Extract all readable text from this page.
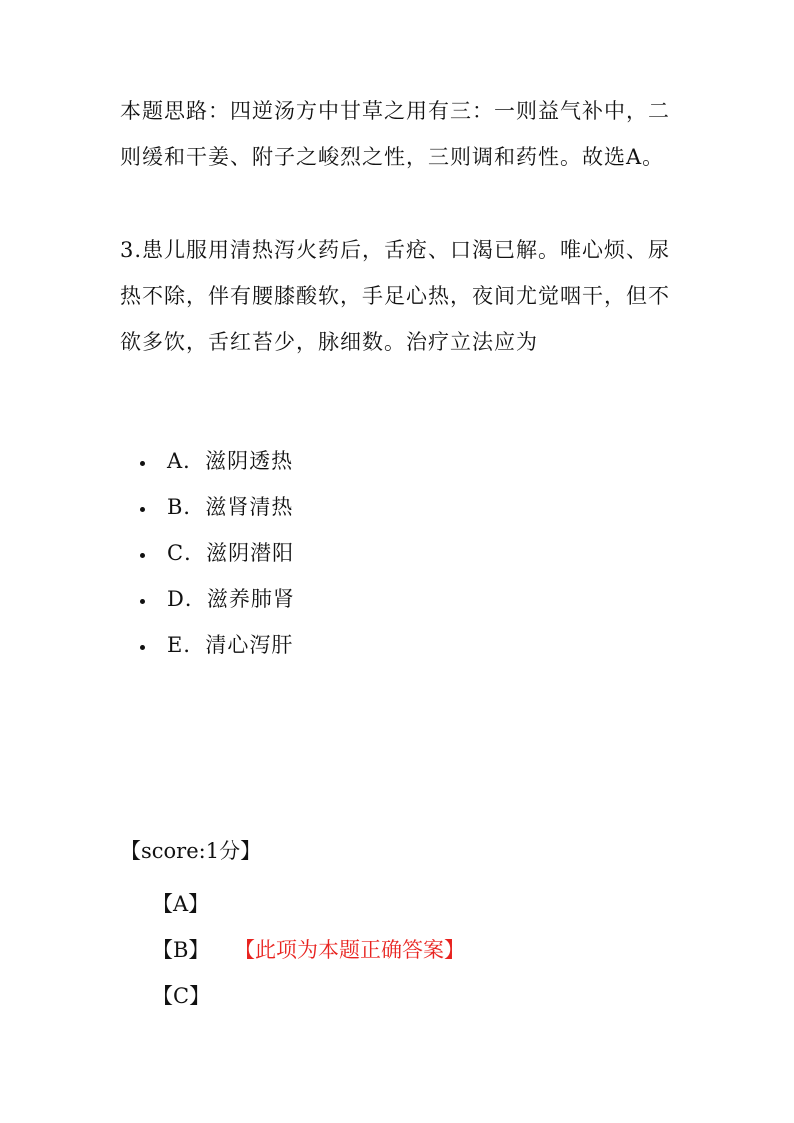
本题思路：四逆汤方中甘草之用有三：一则益气补中，二则缓和干姜、附子之峻烈之性，三则调和药性。故选A。

3.患儿服用清热泻火药后，舌疮、口渴已解。唯心烦、尿热不除，伴有腰膝酸软，手足心热，夜间尤觉咽干，但不欲多饮，舌红苔少，脉细数。治疗立法应为

A．滋阴透热
B．滋肾清热
C．滋阴潜阳
D．滋养肺肾
E．清心泻肝
【score:1分】
【A】
【B】	【此项为本题正确答案】
【C】
